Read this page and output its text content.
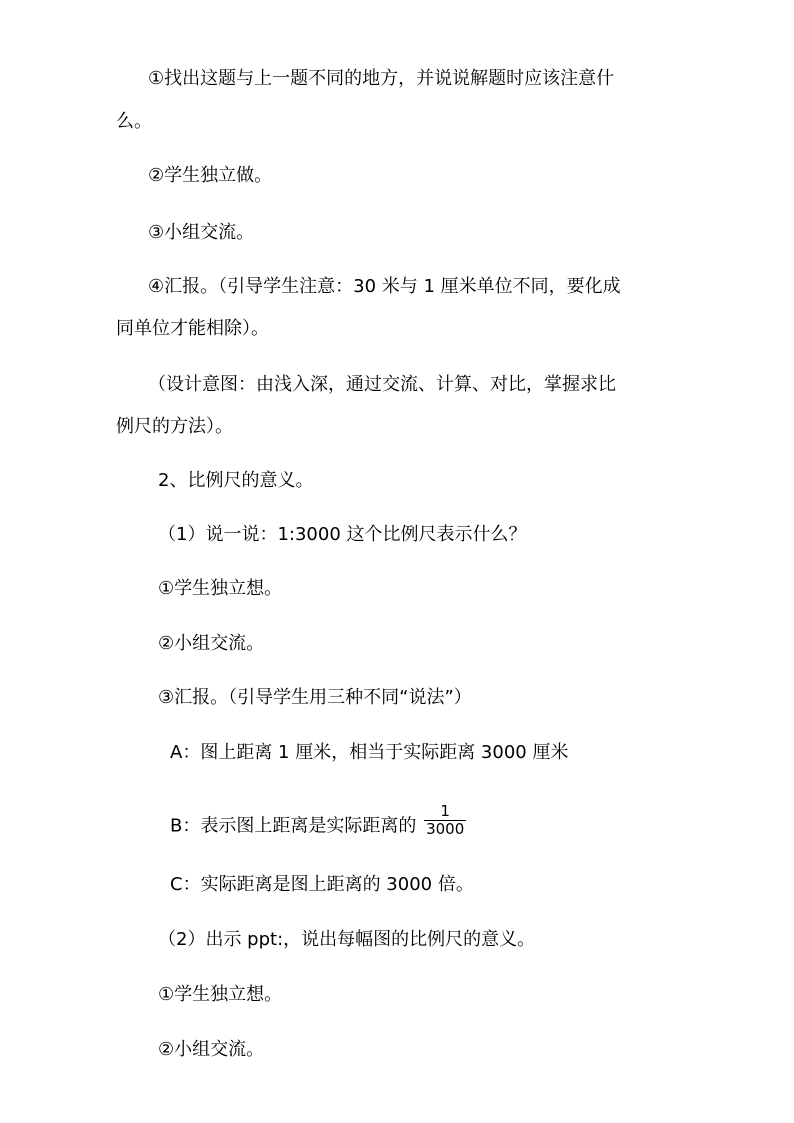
①找出这题与上一题不同的地方，并说说解题时应该注意什
么。
②学生独立做。
③小组交流。
④汇报。（引导学生注意：30 米与 1 厘米单位不同，要化成
同单位才能相除）。
（设计意图：由浅入深，通过交流、计算、对比，掌握求比
例尺的方法）。
2、比例尺的意义。
（1）说一说：1:3000 这个比例尺表示什么？
①学生独立想。
②小组交流。
③汇报。（引导学生用三种不同“说法”）
A：图上距离 1 厘米，相当于实际距离 3000 厘米
B：表示图上距离是实际距离的 $\frac{1}{3000}$
C：实际距离是图上距离的 3000 倍。
（2）出示 ppt:，说出每幅图的比例尺的意义。
①学生独立想。
②小组交流。
